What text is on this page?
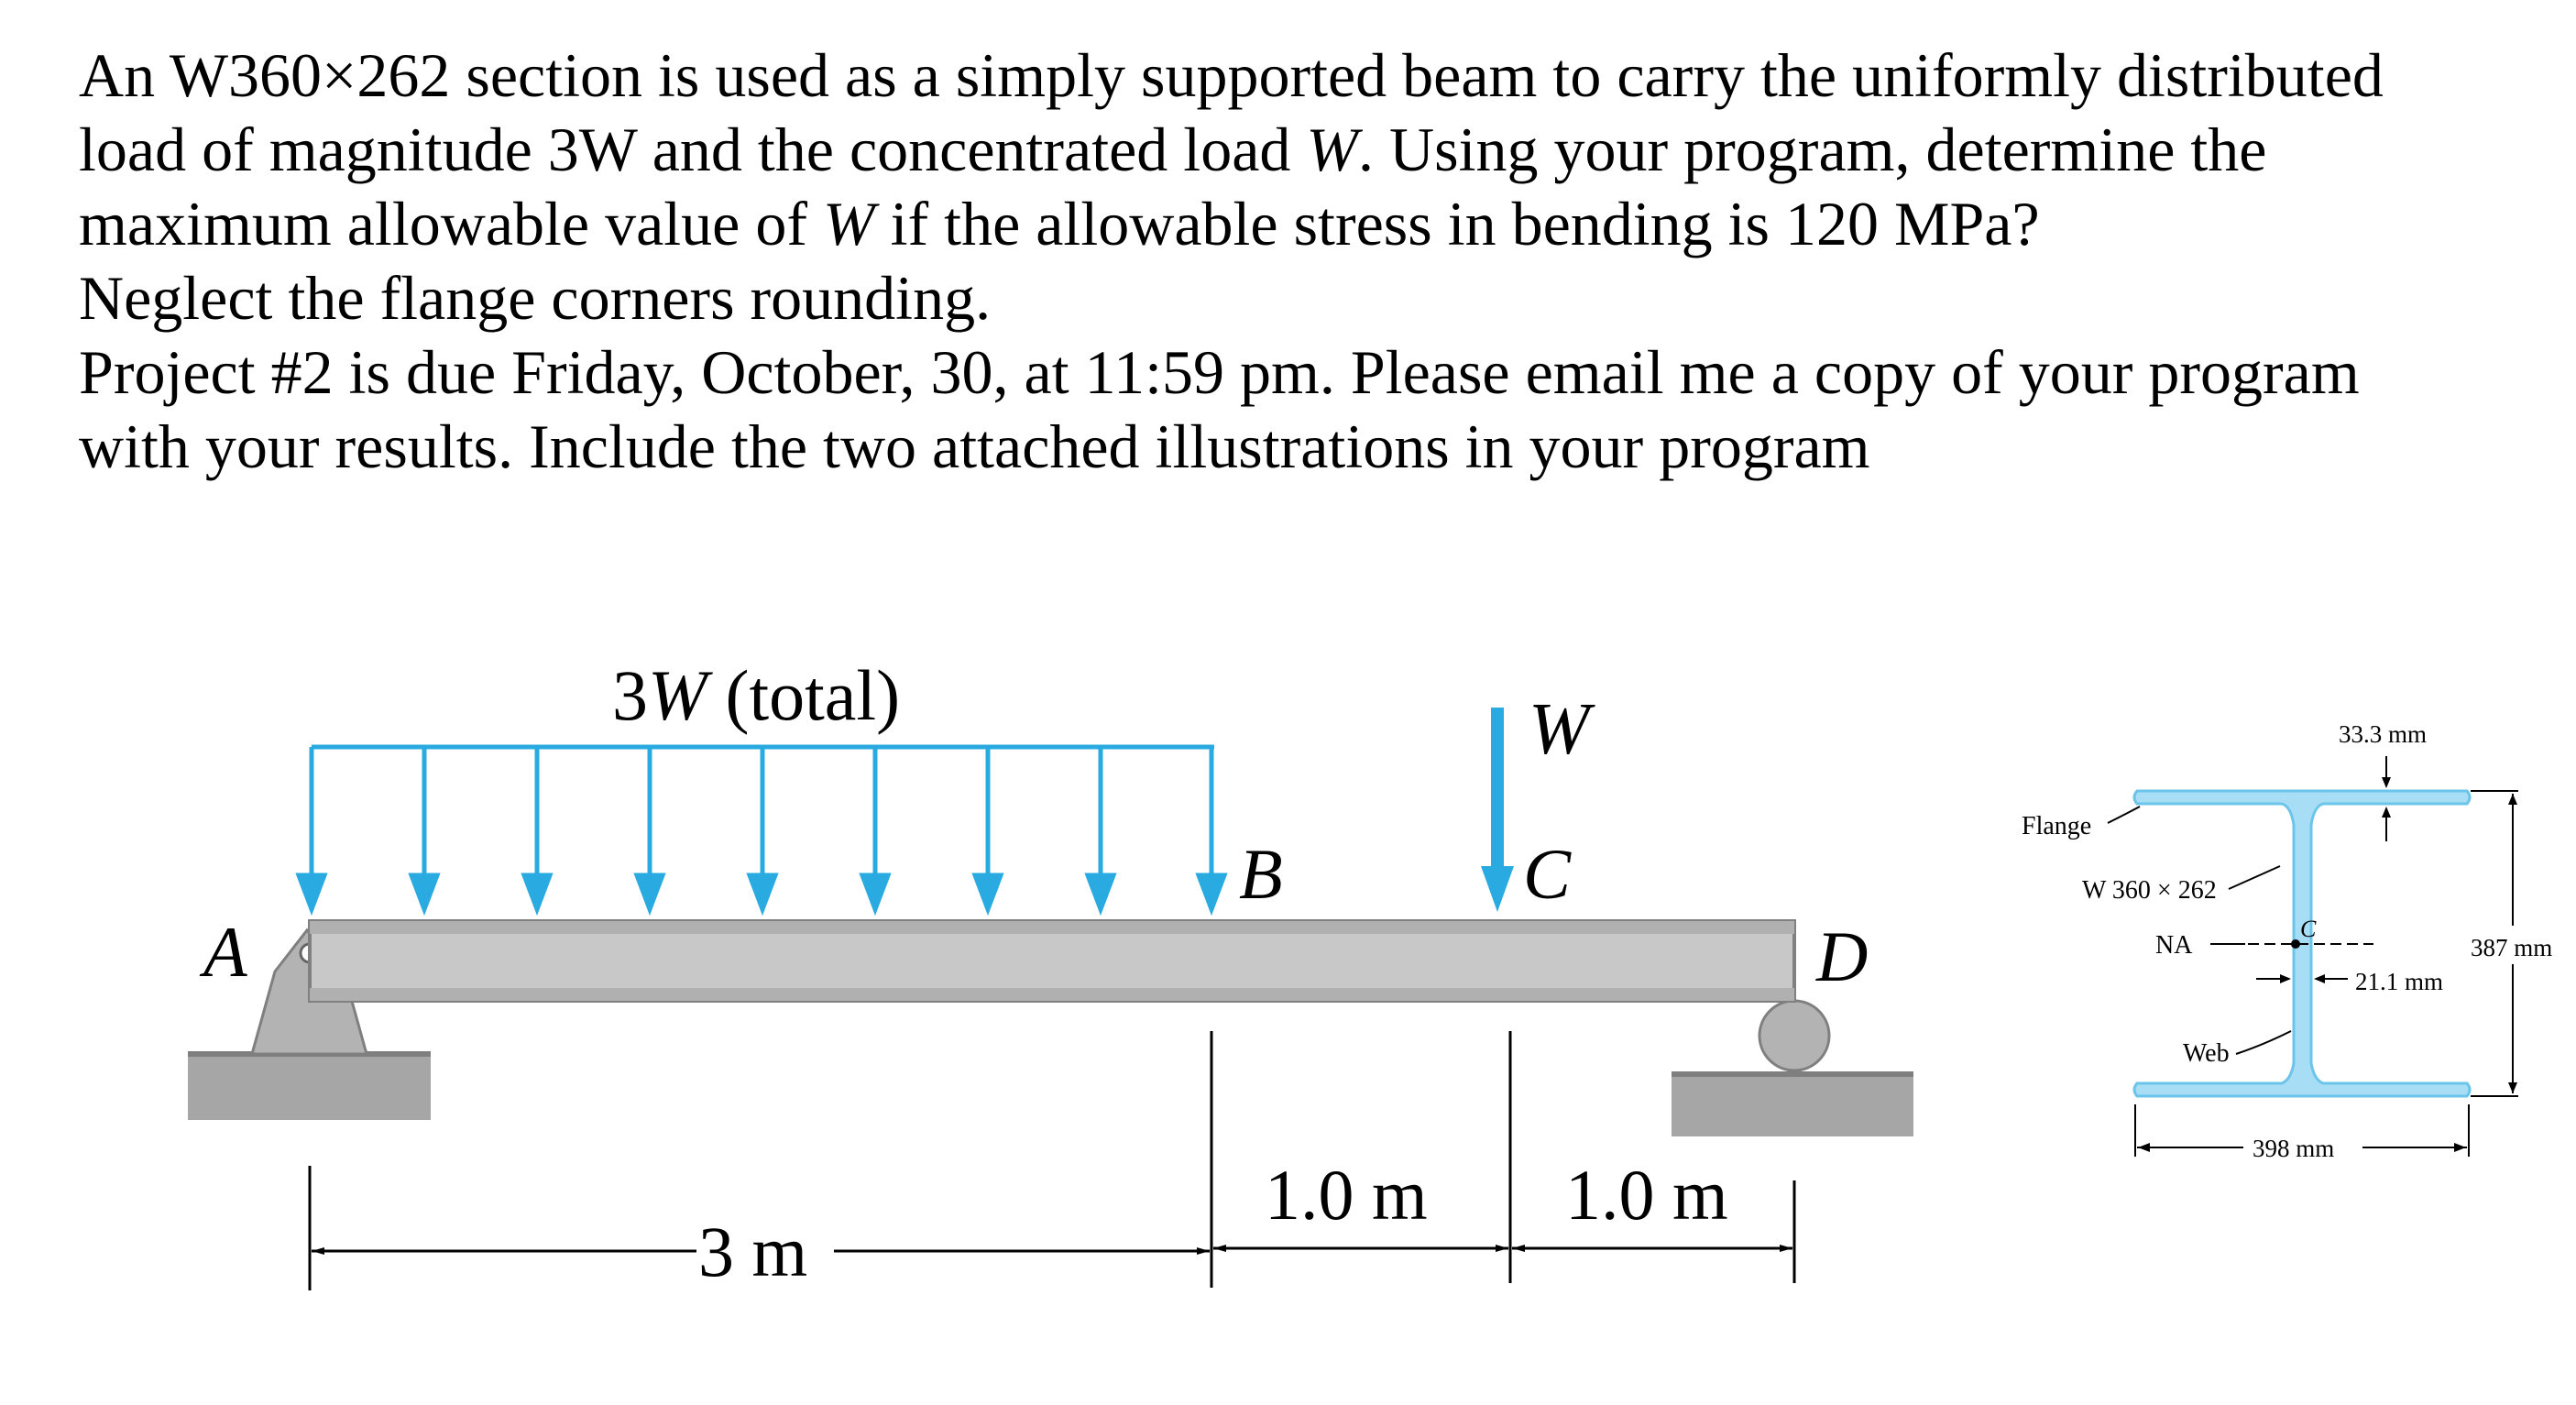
An W360×262 section is used as a simply supported beam to carry the uniformly distributed

load of magnitude 3W and the concentrated load W. Using your program, determine the

maximum allowable value of W if the allowable stress in bending is 120 MPa?

Neglect the flange corners rounding.

Project #2 is due Friday, October, 30, at 11:59 pm. Please email me a copy of your program

with your results. Include the two attached illustrations in your program

3W (total)	W
A
B	C
D
3 m
1.0 m 1.0 m
Flange
W 360 × 262
NA
C
Web
33.3 mm
21.1 mm
387 mm
398 mm
